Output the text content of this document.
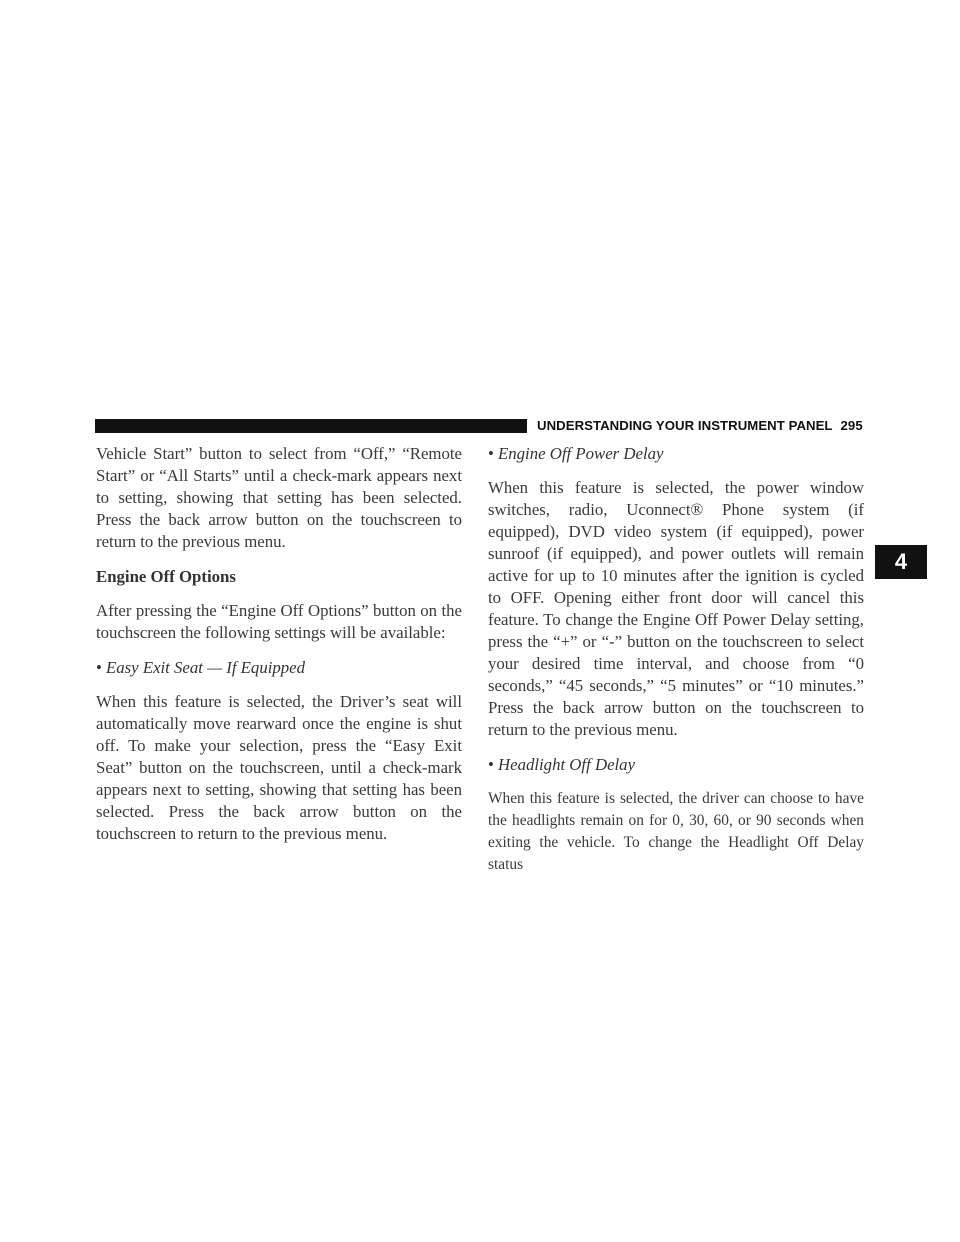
UNDERSTANDING YOUR INSTRUMENT PANEL 295
4

Vehicle Start” button to select from “Off,” “Remote Start” or “All Starts” until a check-mark appears next to setting, showing that setting has been selected. Press the back arrow button on the touchscreen to return to the previous menu.

Engine Off Options

After pressing the “Engine Off Options” button on the touchscreen the following settings will be available:

• Easy Exit Seat — If Equipped

When this feature is selected, the Driver’s seat will automatically move rearward once the engine is shut off. To make your selection, press the “Easy Exit Seat” button on the touchscreen, until a check-mark appears next to setting, showing that setting has been selected. Press the back arrow button on the touchscreen to return to the previous menu.

• Engine Off Power Delay

When this feature is selected, the power window switches, radio, Uconnect® Phone system (if equipped), DVD video system (if equipped), power sunroof (if equipped), and power outlets will remain active for up to 10 minutes after the ignition is cycled to OFF. Opening either front door will cancel this feature. To change the Engine Off Power Delay setting, press the “+” or “-” button on the touchscreen to select your desired time interval, and choose from “0 seconds,” “45 seconds,” “5 minutes” or “10 minutes.” Press the back arrow button on the touchscreen to return to the previous menu.

• Headlight Off Delay

When this feature is selected, the driver can choose to have the headlights remain on for 0, 30, 60, or 90 seconds when exiting the vehicle. To change the Headlight Off Delay status
